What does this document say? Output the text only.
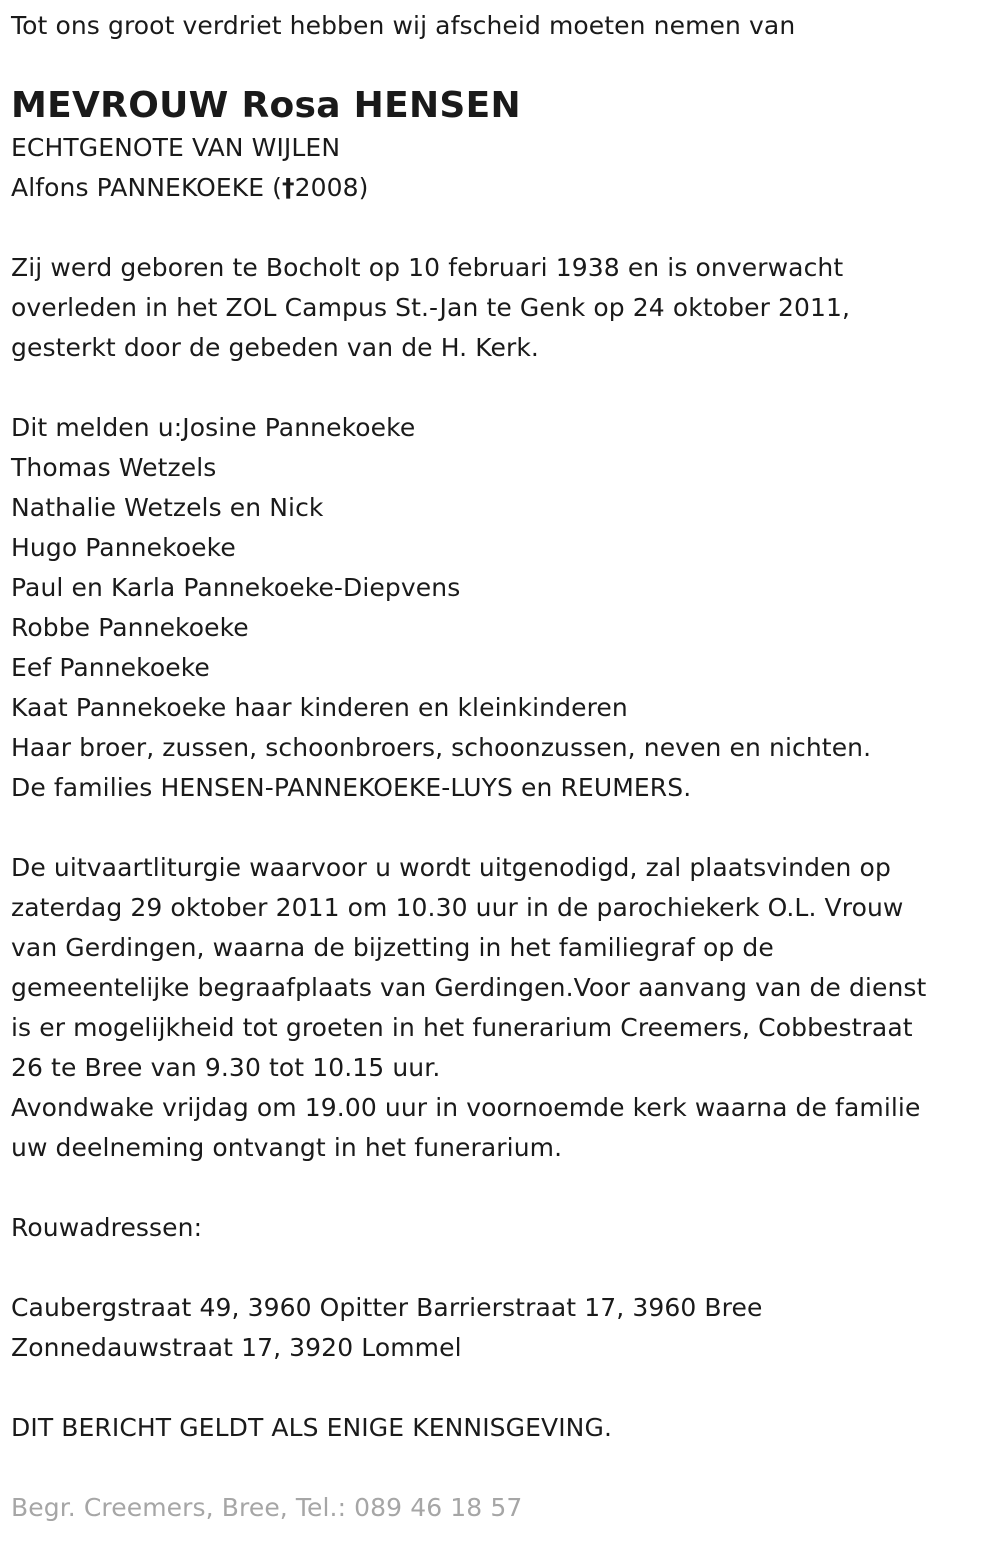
Tot ons groot verdriet hebben wij afscheid moeten nemen van
MEVROUW Rosa HENSEN
ECHTGENOTE VAN WIJLEN
Alfons PANNEKOEKE (†2008)
Zij werd geboren te Bocholt op 10 februari 1938 en is onverwacht
overleden in het ZOL Campus St.-Jan te Genk op 24 oktober 2011,
gesterkt door de gebeden van de H. Kerk.
Dit melden u:Josine Pannekoeke
Thomas Wetzels
Nathalie Wetzels en Nick
Hugo Pannekoeke
Paul en Karla Pannekoeke-Diepvens
Robbe Pannekoeke
Eef Pannekoeke
Kaat Pannekoeke haar kinderen en kleinkinderen
Haar broer, zussen, schoonbroers, schoonzussen, neven en nichten.
De families HENSEN-PANNEKOEKE-LUYS en REUMERS.
De uitvaartliturgie waarvoor u wordt uitgenodigd, zal plaatsvinden op
zaterdag 29 oktober 2011 om 10.30 uur in de parochiekerk O.L. Vrouw
van Gerdingen, waarna de bijzetting in het familiegraf op de
gemeentelijke begraafplaats van Gerdingen.Voor aanvang van de dienst
is er mogelijkheid tot groeten in het funerarium Creemers, Cobbestraat
26 te Bree van 9.30 tot 10.15 uur.
Avondwake vrijdag om 19.00 uur in voornoemde kerk waarna de familie
uw deelneming ontvangt in het funerarium.
Rouwadressen:
Caubergstraat 49, 3960 Opitter Barrierstraat 17, 3960 Bree
Zonnedauwstraat 17, 3920 Lommel
DIT BERICHT GELDT ALS ENIGE KENNISGEVING.
Begr. Creemers, Bree, Tel.: 089 46 18 57
